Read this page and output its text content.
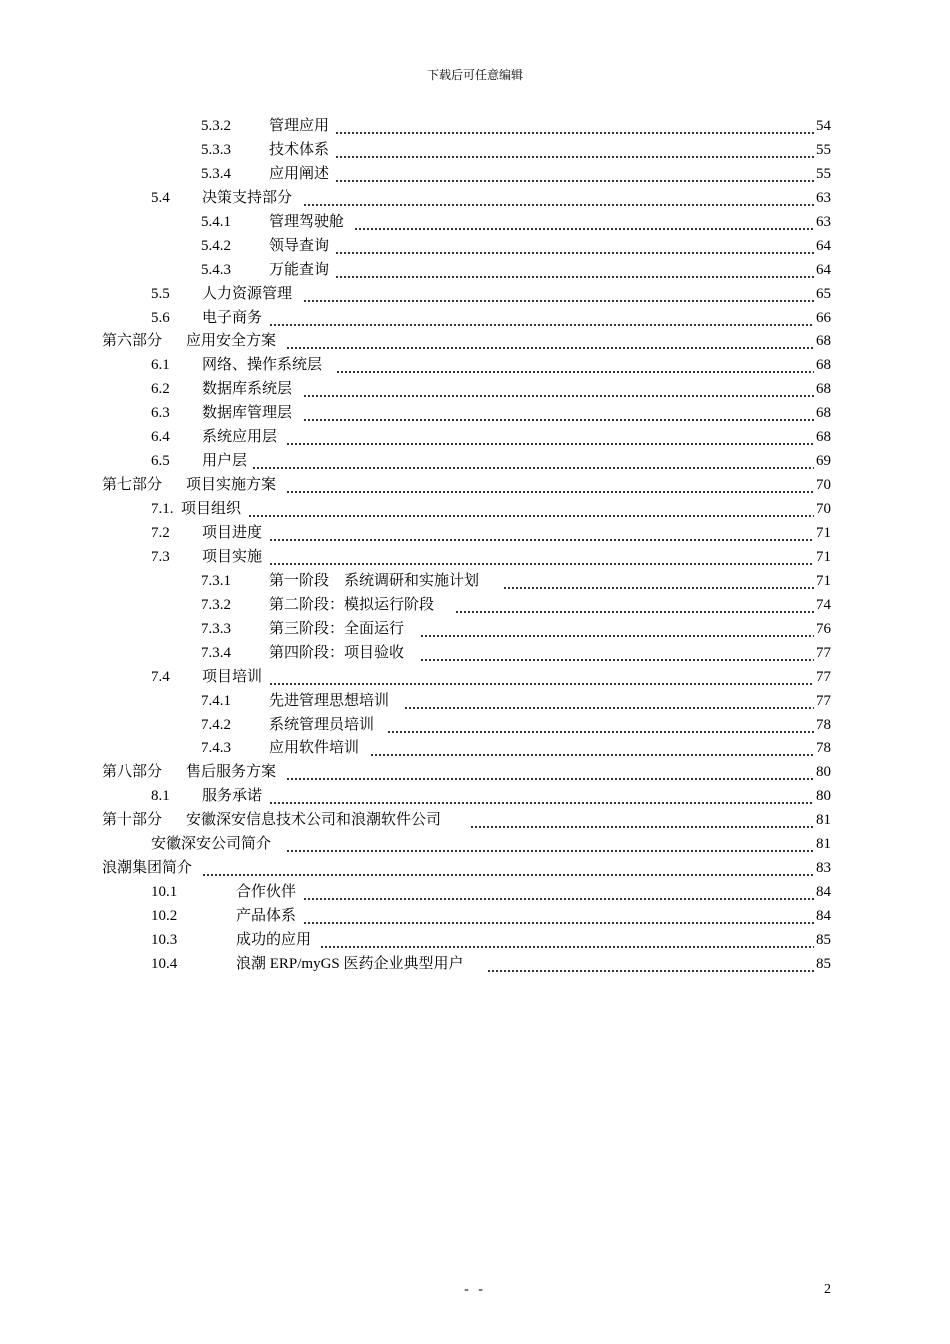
下载后可任意编辑
5.3.2	管理应用	54
5.3.3	技术体系	55
5.3.4	应用阐述	55
5.4 决策支持部分	63
5.4.1	管理驾驶舱	63
5.4.2	领导查询	64
5.4.3	万能查询	64
5.5 人力资源管理	65
5.6 电子商务	66
第六部分 应用安全方案	68
6.1 网络、操作系统层	68
6.2 数据库系统层	68
6.3 数据库管理层	68
6.4 系统应用层	68
6.5 用户层	69
第七部分 项目实施方案	70
7.1. 项目组织	70
7.2 项目进度	71
7.3 项目实施	71
7.3.1	第一阶段　系统调研和实施计划	71
7.3.2	第二阶段：模拟运行阶段	74
7.3.3	第三阶段：全面运行	76
7.3.4	第四阶段：项目验收	77
7.4 项目培训	77
7.4.1	先进管理思想培训	77
7.4.2	系统管理员培训	78
7.4.3	应用软件培训	78
第八部分 售后服务方案	80
8.1 服务承诺	80
第十部分 安徽深安信息技术公司和浪潮软件公司	81
安徽深安公司简介	81
浪潮集团简介	83
10.1	合作伙伴	84
10.2	产品体系	84
10.3	成功的应用	85
10.4	浪潮 ERP/myGS 医药企业典型用户	85
- -	2
